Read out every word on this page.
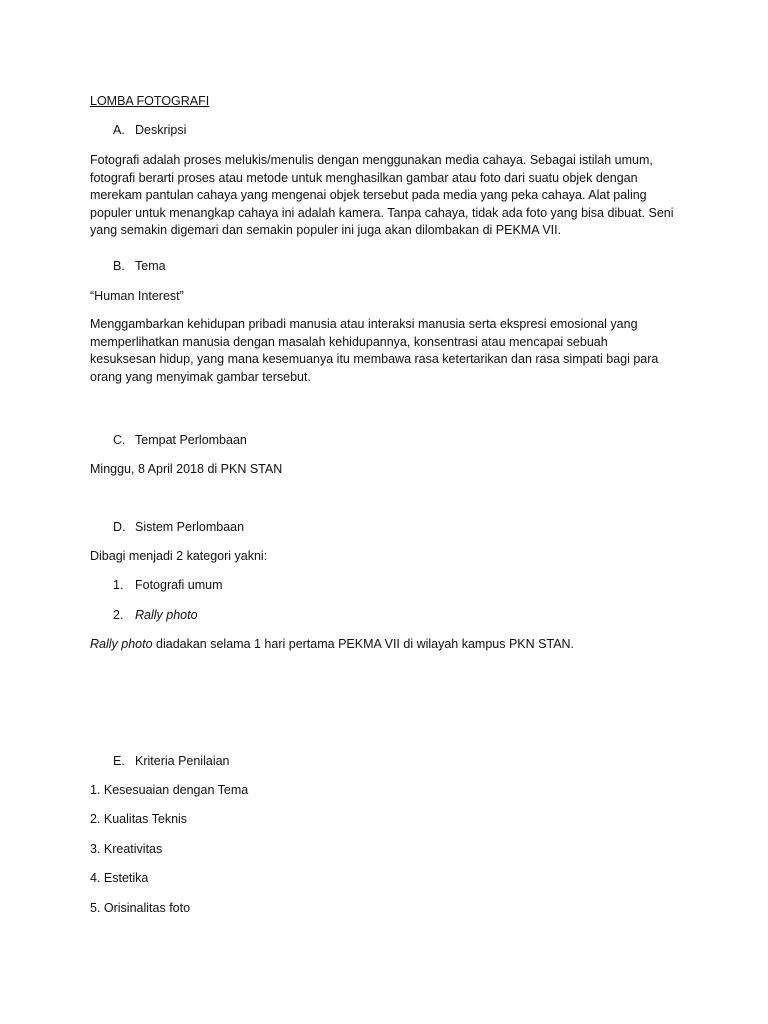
LOMBA FOTOGRAFI
A. Deskripsi
Fotografi adalah proses melukis/menulis dengan menggunakan media cahaya. Sebagai istilah umum,
fotografi berarti proses atau metode untuk menghasilkan gambar atau foto dari suatu objek dengan
merekam pantulan cahaya yang mengenai objek tersebut pada media yang peka cahaya. Alat paling
populer untuk menangkap cahaya ini adalah kamera. Tanpa cahaya, tidak ada foto yang bisa dibuat. Seni
yang semakin digemari dan semakin populer ini juga akan dilombakan di PEKMA VII.
B. Tema
“Human Interest”
Menggambarkan kehidupan pribadi manusia atau interaksi manusia serta ekspresi emosional yang
memperlihatkan manusia dengan masalah kehidupannya, konsentrasi atau mencapai sebuah
kesuksesan hidup, yang mana kesemuanya itu membawa rasa ketertarikan dan rasa simpati bagi para
orang yang menyimak gambar tersebut.
C. Tempat Perlombaan
Minggu, 8 April 2018 di PKN STAN
D. Sistem Perlombaan
Dibagi menjadi 2 kategori yakni:
1. Fotografi umum
2. Rally photo
Rally photo diadakan selama 1 hari pertama PEKMA VII di wilayah kampus PKN STAN.
E. Kriteria Penilaian
1. Kesesuaian dengan Tema
2. Kualitas Teknis
3. Kreativitas
4. Estetika
5. Orisinalitas foto
